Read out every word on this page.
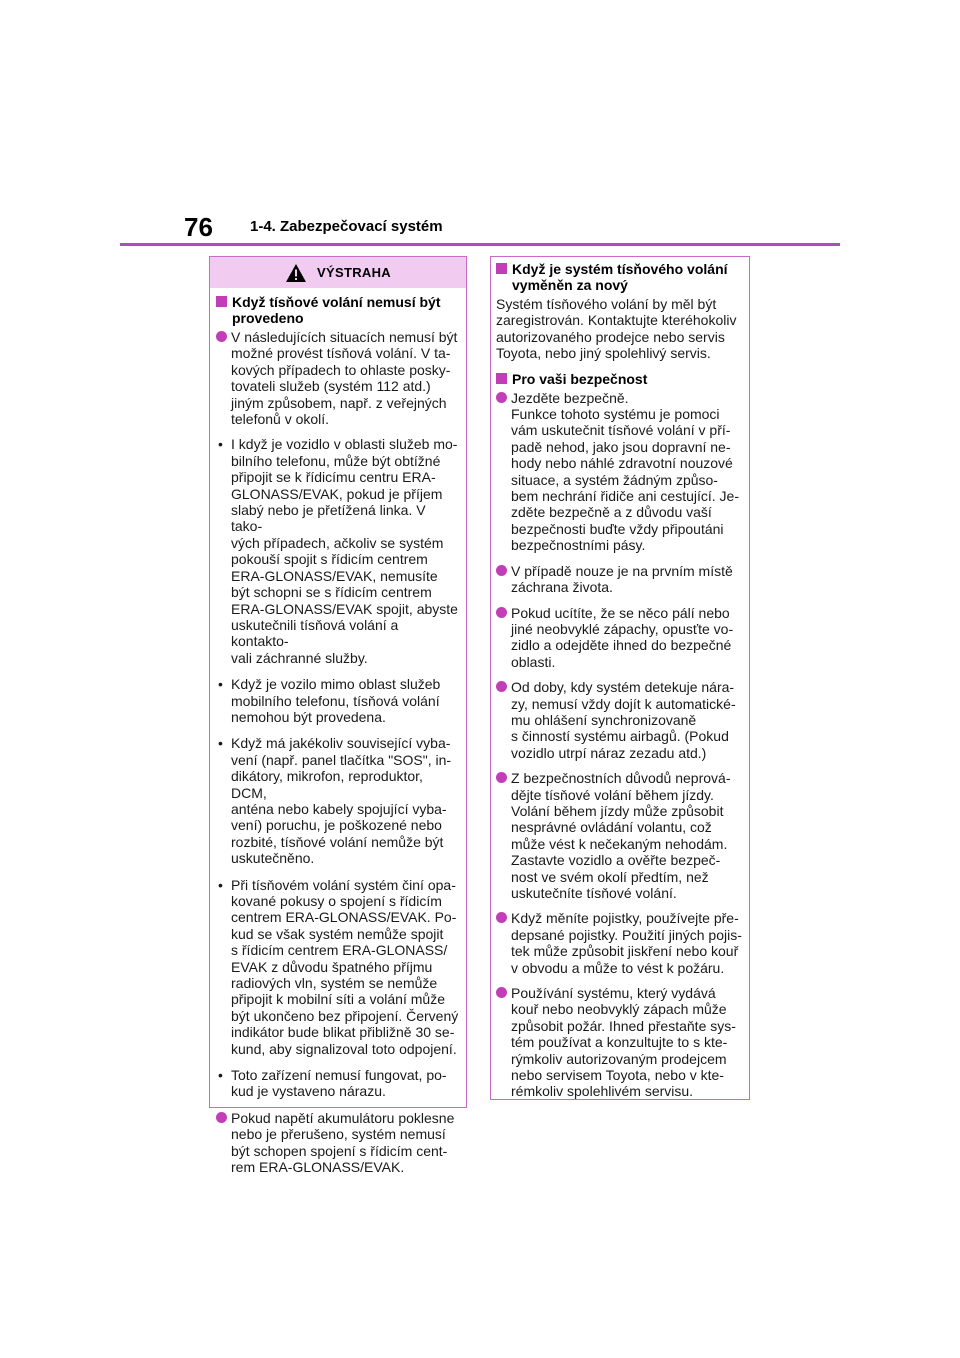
76 1-4. Zabezpečovací systém
VÝSTRAHA
Když tísňové volání nemusí být
provedeno
V následujících situacích nemusí být
možné provést tísňová volání. V ta-
kových případech to ohlaste posky-
tovateli služeb (systém 112 atd.)
jiným způsobem, např. z veřejných
telefonů v okolí.
• I když je vozidlo v oblasti služeb mo-
bilního telefonu, může být obtížné
připojit se k řídicímu centru ERA-
GLONASS/EVAK, pokud je příjem
slabý nebo je přetížená linka. V tako-
vých případech, ačkoliv se systém
pokouší spojit s řídicím centrem
ERA-GLONASS/EVAK, nemusíte
být schopni se s řídicím centrem
ERA-GLONASS/EVAK spojit, abyste
uskutečnili tísňová volání a kontakto-
vali záchranné služby.
• Když je vozilo mimo oblast služeb
mobilního telefonu, tísňová volání
nemohou být provedena.
• Když má jakékoliv související vyba-
vení (např. panel tlačítka "SOS", in-
dikátory, mikrofon, reproduktor, DCM,
anténa nebo kabely spojující vyba-
vení) poruchu, je poškozené nebo
rozbité, tísňové volání nemůže být
uskutečněno.
• Při tísňovém volání systém činí opa-
kované pokusy o spojení s řídicím
centrem ERA-GLONASS/EVAK. Po-
kud se však systém nemůže spojit
s řídicím centrem ERA-GLONASS/
EVAK z důvodu špatného příjmu
radiových vln, systém se nemůže
připojit k mobilní síti a volání může
být ukončeno bez připojení. Červený
indikátor bude blikat přibližně 30 se-
kund, aby signalizoval toto odpojení.
• Toto zařízení nemusí fungovat, po-
kud je vystaveno nárazu.
Pokud napětí akumulátoru poklesne
nebo je přerušeno, systém nemusí
být schopen spojení s řídicím cent-
rem ERA-GLONASS/EVAK.
Když je systém tísňového volání
vyměněn za nový
Systém tísňového volání by měl být
zaregistrován. Kontaktujte kteréhokoliv
autorizovaného prodejce nebo servis
Toyota, nebo jiný spolehlivý servis.
Pro vaši bezpečnost
Jezděte bezpečně.
Funkce tohoto systému je pomoci
vám uskutečnit tísňové volání v pří-
padě nehod, jako jsou dopravní ne-
hody nebo náhlé zdravotní nouzové
situace, a systém žádným způso-
bem nechrání řidiče ani cestující. Je-
zděte bezpečně a z důvodu vaší
bezpečnosti buďte vždy připoutáni
bezpečnostními pásy.
V případě nouze je na prvním místě
záchrana života.
Pokud ucítíte, že se něco pálí nebo
jiné neobvyklé zápachy, opusťte vo-
zidlo a odejděte ihned do bezpečné
oblasti.
Od doby, kdy systém detekuje nára-
zy, nemusí vždy dojít k automatické-
mu ohlášení synchronizovaně
s činností systému airbagů. (Pokud
vozidlo utrpí náraz zezadu atd.)
Z bezpečnostních důvodů neprová-
dějte tísňové volání během jízdy.
Volání během jízdy může způsobit
nesprávné ovládání volantu, což
může vést k nečekaným nehodám.
Zastavte vozidlo a ověřte bezpeč-
nost ve svém okolí předtím, než
uskutečníte tísňové volání.
Když měníte pojistky, používejte pře-
depsané pojistky. Použití jiných pojis-
tek může způsobit jiskření nebo kouř
v obvodu a může to vést k požáru.
Používání systému, který vydává
kouř nebo neobvyklý zápach může
způsobit požár. Ihned přestaňte sys-
tém používat a konzultujte to s kte-
rýmkoliv autorizovaným prodejcem
nebo servisem Toyota, nebo v kte-
rémkoliv spolehlivém servisu.
